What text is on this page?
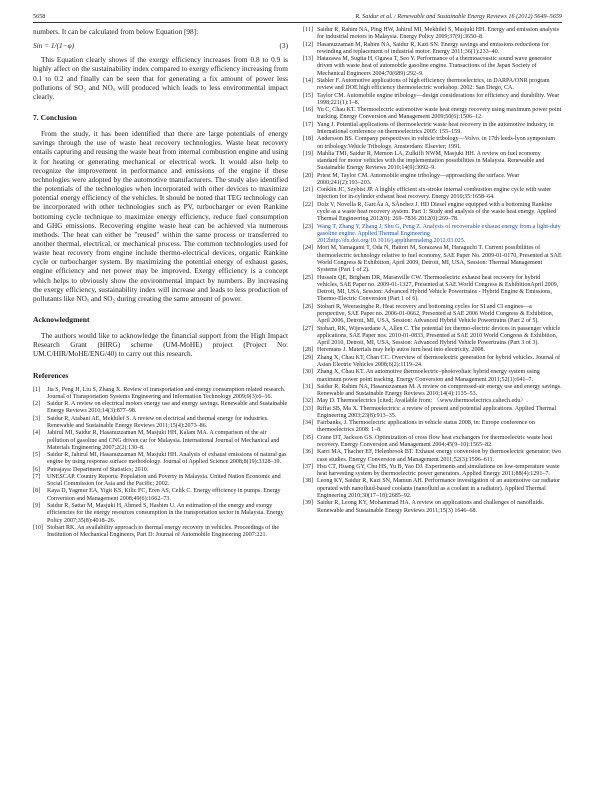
5658	R. Saidur et al. / Renewable and Sustainable Energy Reviews 16 (2012) 5649–5659

numbers. It can be calculated from below Equation [98]:

Sin = 1/(1−φ)	(3)

This Equation clearly shows if the exergy efficiency increases from 0.8 to 0.9 is highly affect on the sustainability index compared to exergy efficiency increasing from 0.1 to 0.2 and finally can be seen that for generating a fix amount of power less pollutions of SO₂ and NOₓ will produced which leads to less environmental impact clearly.

7. Conclusion

From the study, it has been identified that there are large potentials of energy savings through the use of waste heat recovery technologies. Waste heat recovery entails capturing and reusing the waste heat from internal combustion engine and using it for heating or generating mechanical or electrical work. It would also help to recognize the improvement in performance and emissions of the engine if these technologies were adopted by the automotive manufacturers. The study also identified the potentials of the technologies when incorporated with other devices to maximize potential energy efficiency of the vehicles. It should be noted that TEG technology can be incorporated with other technologies such as PV, turbocharger or even Rankine bottoming cycle technique to maximize energy efficiency, reduce fuel consumption and GHG emissions. Recovering engine waste heat can be achieved via numerous methods. The heat can either be "reused" within the same process or transferred to another thermal, electrical, or mechanical process. The common technologies used for waste heat recovery from engine include thermo-electrical devices, organic Rankine cycle or turbocharger system. By maximizing the potential energy of exhaust gases, engine efficiency and net power may be improved. Exergy efficiency is a concept which helps to obviously show the environmental impact by numbers. By increasing the exergy efficiency, sustainability index will increase and leads to less production of pollutants like NOₓ and SO₂ during creating the same amount of power.

Acknowledgment

The authors would like to acknowledge the financial support from the High Impact Research Grant (HIRG) scheme (UM-MoHE) project (Project No: UM.C/HIR/MoHE/ENG/40) to carry out this research.

References
[1]	Jia S, Peng H, Liu S, Zhang X. Review of transportation and energy consumption related research. Journal of Transportation Systems Engineering and Information Technology 2009;9(3):6–16.
[2]	Saidur R. A review on electrical motors energy use and energy savings. Renewable and Sustainable Energy Reviews 2010;14(3):877–98.
[3]	Saidur R, Atabani AE, Mekhilef S. A review on electrical and thermal energy for industries. Renewable and Sustainable Energy Reviews 2011;15(4):2073–86.
[4]	Jahirul MI, Saidur R, Hasanuzzaman M, Masjuki HH, Kalam MA. A comparison of the air pollution of gasoline and CNG driven car for Malaysia. International Journal of Mechanical and Materials Engineering 2007;2(2):130–8.
[5]	Saidur R, Jahirul MI, Hasanuzzaman M, Masjuki HH. Analysis of exhaust emissions of natural gas engine by using response surface methodology. Journal of Applied Science 2008;8(19):3328–39.
[6]	Putrajaya: Department of Statistics; 2010.
[7]	UNESCAP. Country Reports: Population and Poverty in Malaysia. United Nation Economic and Social Commission for Asia and the Pacific; 2002.
[8]	Kaya D, Yagmur EA, Yigit KS, Kilic FC, Eren AS, Celik C. Energy efficiency in pumps. Energy Conversion and Management 2008;49(6):1662–73.
[9]	Saidur R, Sattar M, Masjuki H, Ahmed S, Hashim U. An estimation of the energy and exergy efficiencies for the energy resources consumption in the transportation sector in Malaysia. Energy Policy 2007;35(8):4018–26.
[10] Stobart RK. An availability approach to thermal energy recovery in vehicles. Proceedings of the Institution of Mechanical Engineers, Part D: Journal of Automobile Engineering 2007:221.
[11] Saidur R, Rahim NA, Ping HW, Jahirul MI, Mekhilef S, Masjuki HH. Energy and emission analysis for industrial motors in Malaysia. Energy Policy 2009;37(9):3650–8.
[12] Hasanuzzaman M, Rahim NA, Saidur R, Kazi SN. Energy savings and emissions reductions for rewinding and replacement of industrial motor. Energy 2011;36(1):233–40.
[13] Hatazawa M, Sugita H, Ogawa T, Seo Y. Performance of a thermoacoustic sound wave generator driven with waste heat of automobile gasoline engine. Transactions of the Japan Society of Mechanical Engineers 2004;70(689):292–9.
[14] Stabler F. Automotive applications of high efficiency thermoelectrics, in DARPA/ONR program review and DOE high efficiency thermoelectric workshop. 2002: San Diego, CA.
[15] Taylor CM. Automobile engine tribology—design considerations for efficiency and durability. Wear 1998;221(1):1–8.
[16] Yu C, Chau KT. Thermoelectric automotive waste heat energy recovery using maximum power point tracking. Energy Conversion and Management 2009;50(6):1506–12.
[17] Yang J. Potential applications of thermoelectric waste heat recovery in the automotive industry, in International conference on thermoelectrics 2005: 155–159.
[18] Andersson BS. Company perspectives in vehicle tribology—Volvo. in 17th leeds-lyon symposium on tribology.Vehicle Tribology. Amsterdam: Elsevier; 1991.
[19] Mahlia TMI, Saidur R, Memon LA, Zulkifli NWM, Masjuki HH. A review on fuel economy standard for motor vehicles with the implementation possibilities in Malaysia. Renewable and Sustainable Energy Reviews 2010;14(9):3092–9.
[20] Priest M, Taylor CM. Automobile engine tribology—approaching the surface. Wear 2000;241(2):193–203.
[21] Conklin JC, Szybist JP. A highly efficient six-stroke internal combustion engine cycle with water injection for in-cylinder exhaust heat recovery. Energy 2010;35:1658–64.
[22] Dolz V, Novella R, GarcÃa A, SÃnchez J. HD Diesel engine equipped with a bottoming Rankine cycle as a waste heat recovery system. Part 1: Study and analysis of the waste heat energy. Applied Thermal Engineering 2012(0): 269–7836 2012(0):269–78.
[23] Wang T, Zhang Y, Zhang J, Shu G, Peng Z. Analysis of recoverable exhaust energy from a light-duty gasoline engine. Applied Thermal Engineering 2012http://dx.doi.org/10.1016/j.applthermaleng.2012.03.025.
[24] Mori M, Yamagami T, Oda N, Hattori M, Sorazawa M, Haraguchi T. Current possibilities of thermoelectric technology relative to fuel economy, SAE Paper No. 2009-01-0170, Presented at SAE World Congress & Exhibition, April 2009, Detroit, MI, USA, Session: Thermal Management Systems (Part 1 of 2).
[25] Hussain QE, Brigham DR, Maranville CW. Thermoelectric exhaust heat recovery for hybrid vehicles, SAE Paper no. 2009-01-1327, Presented at SAE World Congress & ExhibitionApril 2009, Detroit, MI, USA, Session: Advanced Hybrid Vehicle Powertrains - Hybrid Engine & Emissions, Thermo-Electric Conversion (Part 1 of 6).
[26] Stobart R, Weerasinghe R. Heat recovery and bottoming cycles for SI and CI engines—a perspective, SAE Paper no. 2006-01-0662, Presented at SAE 2006 World Congress & Exhibition, April 2006, Detroit, MI, USA, Session: Advanced Hybrid Vehicle Powertrains (Part 2 of 5).
[27] Stobart, RK, Wijewardane A, Allen C. The potential for thermo-electric devices in passenger vehicle applications, SAE Paper nos. 2010-01-0833, Presented at SAE 2010 World Congress & Exhibition, April 2010, Detroit, MI, USA, Session: Advanced Hybrid Vehicle Powertrains (Part 3 of 3).
[28] Heremans J. Materials may help autos turn heat into electricity. 2008.
[29] Zhang X, Chau KT, Chan CC. Overview of thermoelectric generation for hybrid vehicles. Journal of Asian Electric Vehicles 2008;6(2):1119–24.
[30] Zhang X, Chau KT. An automotive thermoelectric–photovoltaic hybrid energy system using maximum power point tracking. Energy Conversion and Management 2011;52(1):641–7.
[31] Saidur R, Rahim NA, Hasanuzzaman M. A review on compressed-air energy use and energy savings. Renewable and Sustainable Energy Reviews 2010;14(4):1135–53.
[32] May D. Thermoelectrics [cited; Available from: 〈www.thermoelectrics.caltech.edu〉.
[33] Riffat SB, Ma X. Thermoelectrics: a review of present and potential applications. Applied Thermal Engineering 2003;23(8):913–35.
[34] Fairbanks, J. Thermoelectric applications in vehicle status 2008, in: Europe conference on thermoelectrics 2008: 1–8.
[35] Crane DT, Jackson GS. Optimization of cross flow heat exchangers for thermoelectric waste heat recovery. Energy Conversion and Management 2004;45(9–10):1565–82.
[36] Karri MA, Thacher EF, Helenbrook BT. Exhaust energy conversion by thermoelectric generator: two case studies. Energy Conversion and Management 2011;52(3):1596–611.
[37] Hsu CT, Huang GY, Chu HS, Yu B, Yao DJ. Experiments and simulations on low-temperature waste heat harvesting system by thermoelectric power generators. Applied Energy 2011;88(4):1291–7.
[38] Leong KY, Saidur R, Kazi SN, Mamun AH. Performance investigation of an automotive car radiator operated with nanofluid-based coolants (nanofluid as a coolant in a radiator). Applied Thermal Engineering 2010;30(17–18):2685–92.
[39] Saidur R, Leong KY, Mohammad HA. A review on applications and challenges of nanofluids. Renewable and Sustainable Energy Reviews 2011;15(3) 1646–68.
